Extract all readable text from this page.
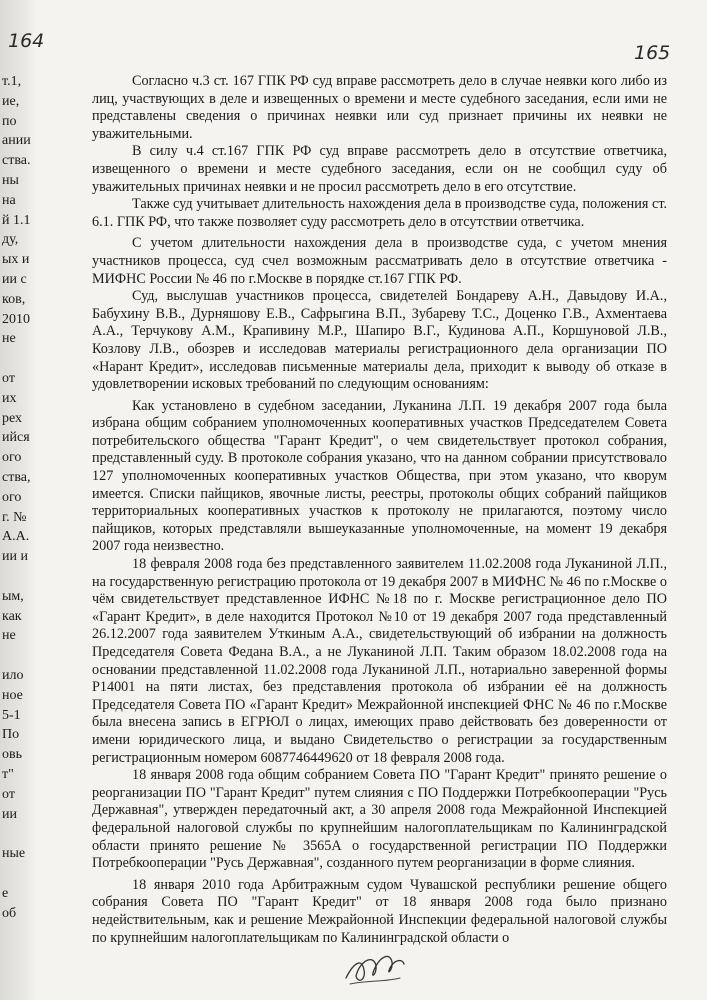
т.1,
ие,
по
ании
ства.
ны
на
й 1.1
ду,
ых и
ии с
ков,
2010
не
от
их
рех
ийся
ого
ства,
ого
г. №
А.А.
ии и
ым,
как
не
ило
ное
5-1
По
овь
т"
от
ии
ные
е
об
164
165

Согласно ч.3 ст. 167 ГПК РФ суд вправе рассмотреть дело в случае неявки кого либо из лиц, участвующих в деле и извещенных о времени и месте судебного заседания, если ими не представлены сведения о причинах неявки или суд признает причины их неявки не уважительными.

В силу ч.4 ст.167 ГПК РФ суд вправе рассмотреть дело в отсутствие ответчика, извещенного о времени и месте судебного заседания, если он не сообщил суду об уважительных причинах неявки и не просил рассмотреть дело в его отсутствие.

Также суд учитывает длительность нахождения дела в производстве суда, положения ст. 6.1. ГПК РФ, что также позволяет суду рассмотреть дело в отсутствии ответчика.

С учетом длительности нахождения дела в производстве суда, с учетом мнения участников процесса, суд счел возможным рассматривать дело в отсутствие ответчика - МИФНС России № 46 по г.Москве в порядке ст.167 ГПК РФ.

Суд, выслушав участников процесса, свидетелей Бондареву А.Н., Давыдову И.А., Бабухину В.В., Дурняшову Е.В., Сафрыгина В.П., Зубареву Т.С., Доценко Г.В., Ахментаева А.А., Терчукову А.М., Крапивину М.Р., Шапиро В.Г., Кудинова А.П., Коршуновой Л.В., Козлову Л.В., обозрев и исследовав материалы регистрационного дела организации ПО «Нарант Кредит», исследовав письменные материалы дела, приходит к выводу об отказе в удовлетворении исковых требований по следующим основаниям:

Как установлено в судебном заседании, Луканина Л.П. 19 декабря 2007 года была избрана общим собранием уполномоченных кооперативных участков Председателем Совета потребительского общества "Гарант Кредит", о чем свидетельствует протокол собрания, представленный суду. В протоколе собрания указано, что на данном собрании присутствовало 127 уполномоченных кооперативных участков Общества, при этом указано, что кворум имеется. Списки пайщиков, явочные листы, реестры, протоколы общих собраний пайщиков территориальных кооперативных участков к протоколу не прилагаются, поэтому число пайщиков, которых представляли вышеуказанные уполномоченные, на момент 19 декабря 2007 года неизвестно.

18 февраля 2008 года без представленного заявителем 11.02.2008 года Луканиной Л.П., на государственную регистрацию протокола от 19 декабря 2007 в МИФНС № 46 по г.Москве о чём свидетельствует представленное ИФНС №18 по г. Москве регистрационное дело ПО «Гарант Кредит», в деле находится Протокол №10 от 19 декабря 2007 года представленный 26.12.2007 года заявителем Уткиным А.А., свидетельствующий об избрании на должность Председателя Совета Федана В.А., а не Луканиной Л.П. Таким образом 18.02.2008 года на основании представленной 11.02.2008 года Луканиной Л.П., нотариально заверенной формы Р14001 на пяти листах, без представления протокола об избрании её на должность Председателя Совета ПО «Гарант Кредит» Межрайонной инспекцией ФНС № 46 по г.Москве была внесена запись в ЕГРЮЛ о лицах, имеющих право действовать без доверенности от имени юридического лица, и выдано Свидетельство о регистрации за государственным регистрационным номером 6087746449620 от 18 февраля 2008 года.

18 января 2008 года общим собранием Совета ПО "Гарант Кредит" принято решение о реорганизации ПО "Гарант Кредит" путем слияния с ПО Поддержки Потребкооперации "Русь Державная", утвержден передаточный акт, а 30 апреля 2008 года Межрайонной Инспекцией федеральной налоговой службы по крупнейшим налогоплательщикам по Калининградской области принято решение № 3565А о государственной регистрации ПО Поддержки Потребкооперации "Русь Державная", созданного путем реорганизации в форме слияния.

18 января 2010 года Арбитражным судом Чувашской республики решение общего собрания Совета ПО "Гарант Кредит" от 18 января 2008 года было признано недействительным, как и решение Межрайонной Инспекции федеральной налоговой службы по крупнейшим налогоплательщикам по Калининградской области о
